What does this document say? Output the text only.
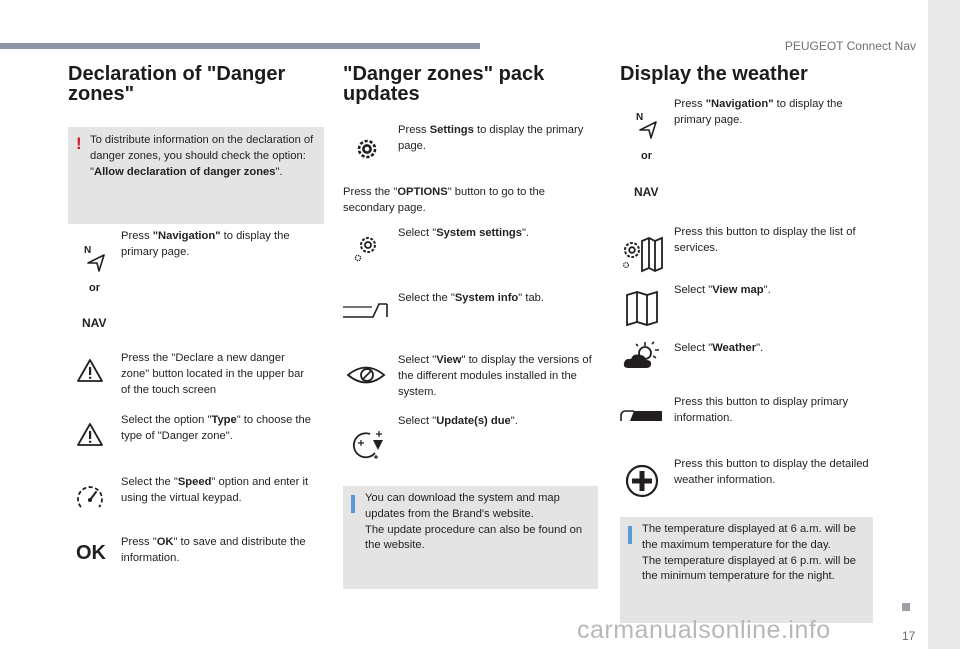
PEUGEOT Connect Nav
Declaration of "Danger zones"
! To distribute information on the declaration of danger zones, you should check the option: "Allow declaration of danger zones".
N
or
NAV
Press "Navigation" to display the primary page.
Press the "Declare a new danger zone" button located in the upper bar of the touch screen
Select the option "Type" to choose the type of "Danger zone".
Select the "Speed" option and enter it using the virtual keypad.
OK Press "OK" to save and distribute the information.
"Danger zones" pack updates
Press Settings to display the primary page.
Press the "OPTIONS" button to go to the secondary page.
Select "System settings".
Select the "System info" tab.
Select "View" to display the versions of the different modules installed in the system.
Select "Update(s) due".
You can download the system and map updates from the Brand's website.
The update procedure can also be found on the website.
Display the weather
N
or
NAV
Press "Navigation" to display the primary page.
Press this button to display the list of services.
Select "View map".
Select "Weather".
Press this button to display primary information.
Press this button to display the detailed weather information.
The temperature displayed at 6 a.m. will be the maximum temperature for the day.
The temperature displayed at 6 p.m. will be the minimum temperature for the night.
17
carmanualsonline.info
